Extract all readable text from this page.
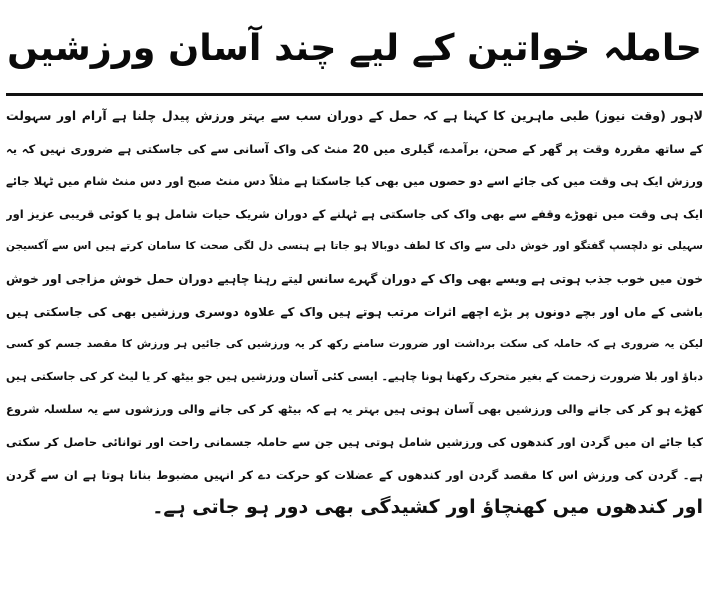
حاملہ خواتین کے لیے چند آسان ورزشیں
لاہور (وقت نیوز) طبی ماہرین کا کہنا ہے کہ حمل کے دوران سب سے بہتر ورزش پیدل چلنا ہے آرام اور سہولت
کے ساتھ مقررہ وقت پر گھر کے صحن، برآمدے، گیلری میں 20 منٹ کی واک آسانی سے کی جاسکتی ہے ضروری نہیں کہ یہ
ورزش ایک ہی وقت میں کی جائے اسے دو حصوں میں بھی کیا جاسکتا ہے مثلاً دس منٹ صبح اور دس منٹ شام میں ٹہلا جائے
ایک ہی وقت میں تھوڑے وقفے سے بھی واک کی جاسکتی ہے ٹہلنے کے دوران شریک حیات شامل ہو یا کوئی قریبی عزیز اور
سہیلی تو دلچسپ گفتگو اور خوش دلی سے واک کا لطف دوبالا ہو جاتا ہے ہنسی دل لگی صحت کا سامان کرتے ہیں اس سے آکسیجن
خون میں خوب جذب ہوتی ہے ویسے بھی واک کے دوران گہرے سانس لیتے رہنا چاہیے دوران حمل خوش مزاجی اور خوش
باشی کے ماں اور بچے دونوں پر بڑے اچھے اثرات مرتب ہوتے ہیں واک کے علاوہ دوسری ورزشیں بھی کی جاسکتی ہیں
لیکن یہ ضروری ہے کہ حاملہ کی سکت برداشت اور ضرورت سامنے رکھ کر یہ ورزشیں کی جائیں ہر ورزش کا مقصد جسم کو کسی
دباؤ اور بلا ضرورت زحمت کے بغیر متحرک رکھنا ہونا چاہیے۔ ایسی کئی آسان ورزشیں ہیں جو بیٹھ کر یا لیٹ کر کی جاسکتی ہیں
کھڑے ہو کر کی جانے والی ورزشیں بھی آسان ہوتی ہیں بہتر یہ ہے کہ بیٹھ کر کی جانے والی ورزشوں سے یہ سلسلہ شروع
کیا جائے ان میں گردن اور کندھوں کی ورزشیں شامل ہوتی ہیں جن سے حاملہ جسمانی راحت اور توانائی حاصل کر سکتی
ہے۔ گردن کی ورزش اس کا مقصد گردن اور کندھوں کے عضلات کو حرکت دے کر انہیں مضبوط بنانا ہوتا ہے ان سے گردن
اور کندھوں میں کھنچاؤ اور کشیدگی بھی دور ہو جاتی ہے۔
